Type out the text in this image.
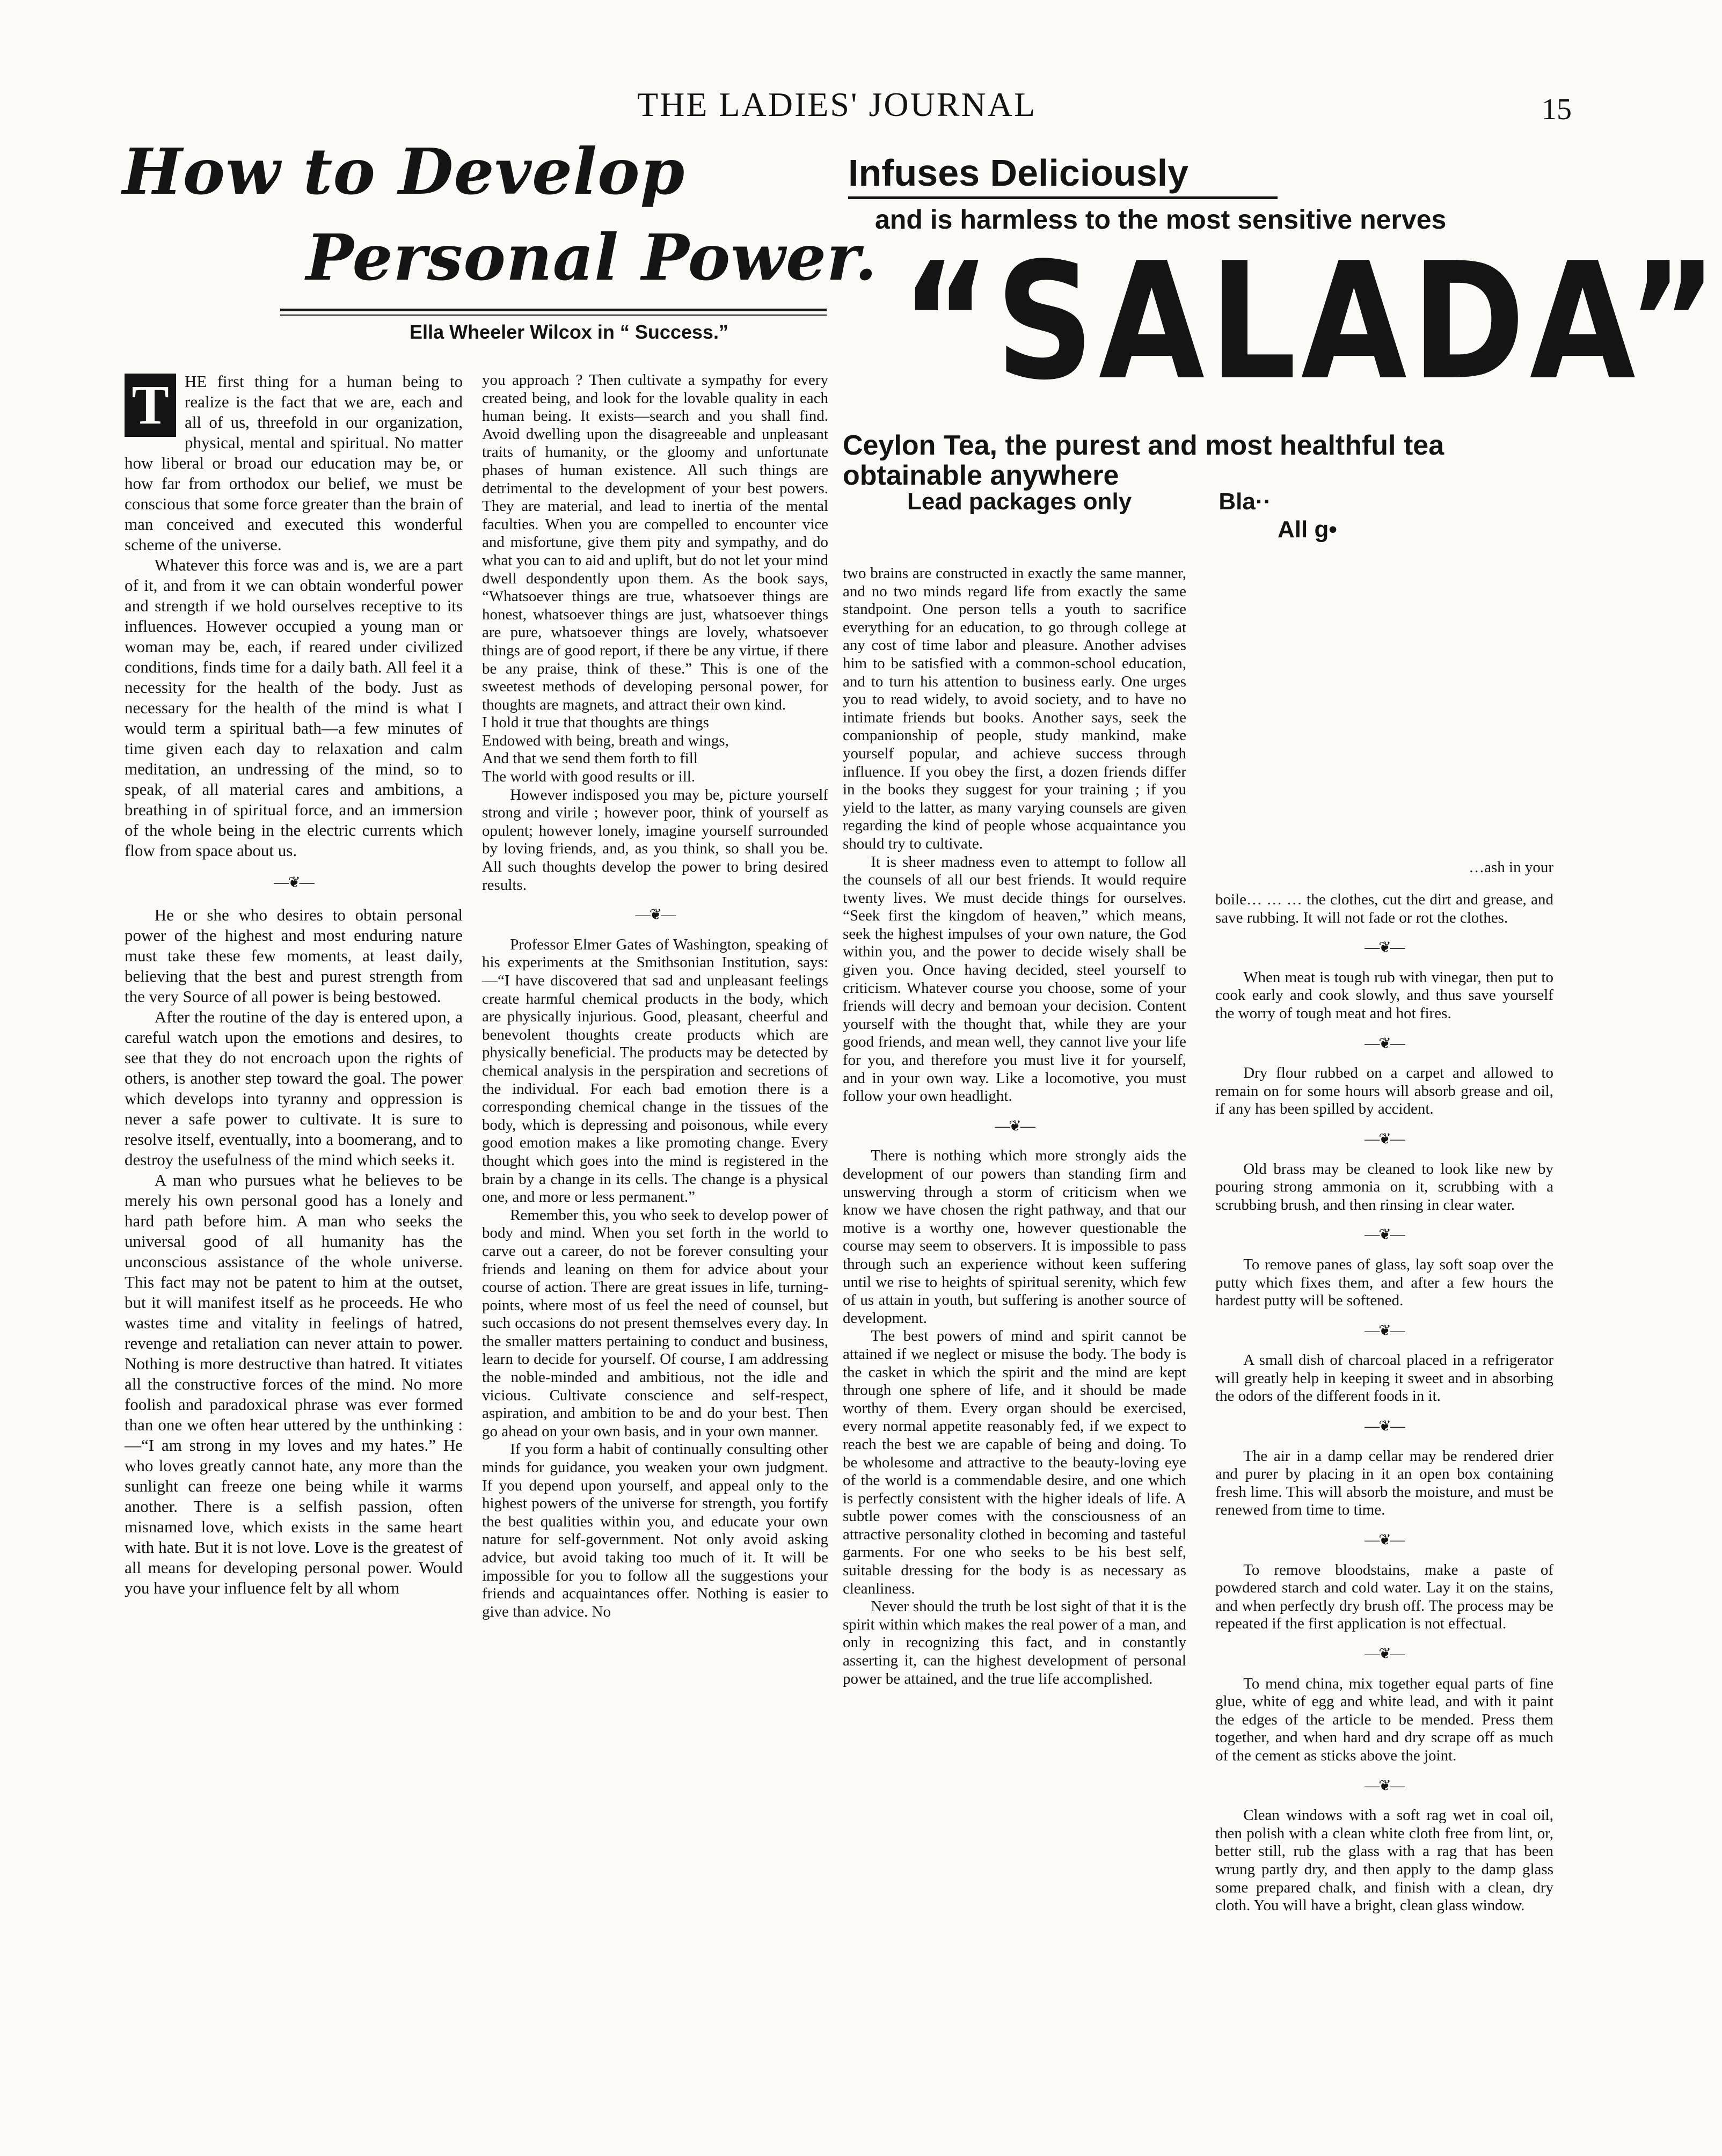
THE LADIES' JOURNAL	15
How to Develop
Personal Power.
Ella Wheeler Wilcox in “ Success.”
T HE first thing for a human being to realize is the fact that we are, each and all of us, threefold in our organization, physical, mental and spiritual. No matter how liberal or broad our education may be, or how far from orthodox our belief, we must be conscious that some force greater than the brain of man conceived and executed this wonderful scheme of the universe.

Whatever this force was and is, we are a part of it, and from it we can obtain wonderful power and strength if we hold ourselves receptive to its influences. However occupied a young man or woman may be, each, if reared under civilized conditions, finds time for a daily bath. All feel it a necessity for the health of the body. Just as necessary for the health of the mind is what I would term a spiritual bath—a few minutes of time given each day to relaxation and calm meditation, an undressing of the mind, so to speak, of all material cares and ambitions, a breathing in of spiritual force, and an immersion of the whole being in the electric currents which flow from space about us.

—❦—

He or she who desires to obtain personal power of the highest and most enduring nature must take these few moments, at least daily, believing that the best and purest strength from the very Source of all power is being bestowed.

After the routine of the day is entered upon, a careful watch upon the emotions and desires, to see that they do not encroach upon the rights of others, is another step toward the goal. The power which develops into tyranny and oppression is never a safe power to cultivate. It is sure to resolve itself, eventually, into a boomerang, and to destroy the usefulness of the mind which seeks it.

A man who pursues what he believes to be merely his own personal good has a lonely and hard path before him. A man who seeks the universal good of all humanity has the unconscious assistance of the whole universe. This fact may not be patent to him at the outset, but it will manifest itself as he proceeds. He who wastes time and vitality in feelings of hatred, revenge and retaliation can never attain to power. Nothing is more destructive than hatred. It vitiates all the constructive forces of the mind. No more foolish and paradoxical phrase was ever formed than one we often hear uttered by the unthinking :—“I am strong in my loves and my hates.” He who loves greatly cannot hate, any more than the sunlight can freeze one being while it warms another. There is a selfish passion, often misnamed love, which exists in the same heart with hate. But it is not love. Love is the greatest of all means for developing personal power. Would you have your influence felt by all whom

you approach ? Then cultivate a sympathy for every created being, and look for the lovable quality in each human being. It exists—search and you shall find. Avoid dwelling upon the disagreeable and unpleasant traits of humanity, or the gloomy and unfortunate phases of human existence. All such things are detrimental to the development of your best powers. They are material, and lead to inertia of the mental faculties. When you are compelled to encounter vice and misfortune, give them pity and sympathy, and do what you can to aid and uplift, but do not let your mind dwell despondently upon them. As the book says, “Whatsoever things are true, whatsoever things are honest, whatsoever things are just, whatsoever things are pure, whatsoever things are lovely, whatsoever things are of good report, if there be any virtue, if there be any praise, think of these.” This is one of the sweetest methods of developing personal power, for thoughts are magnets, and attract their own kind.

I hold it true that thoughts are things

Endowed with being, breath and wings,

And that we send them forth to fill

The world with good results or ill.

However indisposed you may be, picture yourself strong and virile ; however poor, think of yourself as opulent; however lonely, imagine yourself surrounded by loving friends, and, as you think, so shall you be. All such thoughts develop the power to bring desired results.

—❦—

Professor Elmer Gates of Washington, speaking of his experiments at the Smithsonian Institution, says:—“I have discovered that sad and unpleasant feelings create harmful chemical products in the body, which are physically injurious. Good, pleasant, cheerful and benevolent thoughts create products which are physically beneficial. The products may be detected by chemical analysis in the perspiration and secretions of the individual. For each bad emotion there is a corresponding chemical change in the tissues of the body, which is depressing and poisonous, while every good emotion makes a like promoting change. Every thought which goes into the mind is registered in the brain by a change in its cells. The change is a physical one, and more or less permanent.”

Remember this, you who seek to develop power of body and mind. When you set forth in the world to carve out a career, do not be forever consulting your friends and leaning on them for advice about your course of action. There are great issues in life, turning-points, where most of us feel the need of counsel, but such occasions do not present themselves every day. In the smaller matters pertaining to conduct and business, learn to decide for yourself. Of course, I am addressing the noble-minded and ambitious, not the idle and vicious. Cultivate conscience and self-respect, aspiration, and ambition to be and do your best. Then go ahead on your own basis, and in your own manner.

If you form a habit of continually consulting other minds for guidance, you weaken your own judgment. If you depend upon yourself, and appeal only to the highest powers of the universe for strength, you fortify the best qualities within you, and educate your own nature for self-government. Not only avoid asking advice, but avoid taking too much of it. It will be impossible for you to follow all the suggestions your friends and acquaintances offer. Nothing is easier to give than advice. No

Infuses Deliciously
and is harmless to the most sensitive nerves
“SALADA”
Ceylon Tea, the purest and most healthful tea
obtainable anywhere
Lead packages only	Bla··
All g•

two brains are constructed in exactly the same manner, and no two minds regard life from exactly the same standpoint. One person tells a youth to sacrifice everything for an education, to go through college at any cost of time labor and pleasure. Another advises him to be satisfied with a common-school education, and to turn his attention to business early. One urges you to read widely, to avoid society, and to have no intimate friends but books. Another says, seek the companionship of people, study mankind, make yourself popular, and achieve success through influence. If you obey the first, a dozen friends differ in the books they suggest for your training ; if you yield to the latter, as many varying counsels are given regarding the kind of people whose acquaintance you should try to cultivate.

It is sheer madness even to attempt to follow all the counsels of all our best friends. It would require twenty lives. We must decide things for ourselves. “Seek first the kingdom of heaven,” which means, seek the highest impulses of your own nature, the God within you, and the power to decide wisely shall be given you. Once having decided, steel yourself to criticism. Whatever course you choose, some of your friends will decry and bemoan your decision. Content yourself with the thought that, while they are your good friends, and mean well, they cannot live your life for you, and therefore you must live it for yourself, and in your own way. Like a locomotive, you must follow your own headlight.

—❦—

There is nothing which more strongly aids the development of our powers than standing firm and unswerving through a storm of criticism when we know we have chosen the right pathway, and that our motive is a worthy one, however questionable the course may seem to observers. It is impossible to pass through such an experience without keen suffering until we rise to heights of spiritual serenity, which few of us attain in youth, but suffering is another source of development.

The best powers of mind and spirit cannot be attained if we neglect or misuse the body. The body is the casket in which the spirit and the mind are kept through one sphere of life, and it should be made worthy of them. Every organ should be exercised, every normal appetite reasonably fed, if we expect to reach the best we are capable of being and doing. To be wholesome and attractive to the beauty-loving eye of the world is a commendable desire, and one which is perfectly consistent with the higher ideals of life. A subtle power comes with the consciousness of an attractive personality clothed in becoming and tasteful garments. For one who seeks to be his best self, suitable dressing for the body is as necessary as cleanliness.

Never should the truth be lost sight of that it is the spirit within which makes the real power of a man, and only in recognizing this fact, and in constantly asserting it, can the highest development of personal power be attained, and the true life accomplished.

…ash in your

boile… … … the clothes, cut the dirt and grease, and save rubbing. It will not fade or rot the clothes.

—❦—

When meat is tough rub with vinegar, then put to cook early and cook slowly, and thus save yourself the worry of tough meat and hot fires.

—❦—

Dry flour rubbed on a carpet and allowed to remain on for some hours will absorb grease and oil, if any has been spilled by accident.

—❦—

Old brass may be cleaned to look like new by pouring strong ammonia on it, scrubbing with a scrubbing brush, and then rinsing in clear water.

—❦—

To remove panes of glass, lay soft soap over the putty which fixes them, and after a few hours the hardest putty will be softened.

—❦—

A small dish of charcoal placed in a refrigerator will greatly help in keeping it sweet and in absorbing the odors of the different foods in it.

—❦—

The air in a damp cellar may be rendered drier and purer by placing in it an open box containing fresh lime. This will absorb the moisture, and must be renewed from time to time.

—❦—

To remove bloodstains, make a paste of powdered starch and cold water. Lay it on the stains, and when perfectly dry brush off. The process may be repeated if the first application is not effectual.

—❦—

To mend china, mix together equal parts of fine glue, white of egg and white lead, and with it paint the edges of the article to be mended. Press them together, and when hard and dry scrape off as much of the cement as sticks above the joint.

—❦—

Clean windows with a soft rag wet in coal oil, then polish with a clean white cloth free from lint, or, better still, rub the glass with a rag that has been wrung partly dry, and then apply to the damp glass some prepared chalk, and finish with a clean, dry cloth. You will have a bright, clean glass window.
